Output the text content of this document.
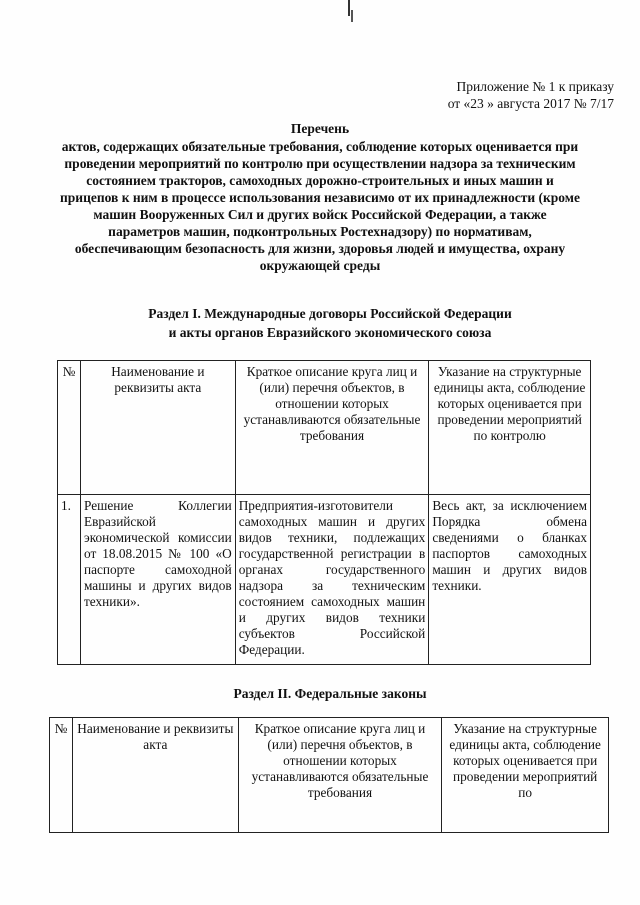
Приложение № 1 к приказу
от «23 » августа 2017 № 7/17
Перечень
актов, содержащих обязательные требования, соблюдение которых оценивается при проведении мероприятий по контролю при осуществлении надзора за техническим состоянием тракторов, самоходных дорожно-строительных и иных машин и прицепов к ним в процессе использования независимо от их принадлежности (кроме машин Вооруженных Сил и других войск Российской Федерации, а также параметров машин, подконтрольных Ростехнадзору) по нормативам, обеспечивающим безопасность для жизни, здоровья людей и имущества, охрану окружающей среды
Раздел I. Международные договоры Российской Федерации
и акты органов Евразийского экономического союза
№	Наименование и реквизиты акта	Краткое описание круга лиц и (или) перечня объектов, в отношении которых устанавливаются обязательные требования	Указание на структурные единицы акта, соблюдение которых оценивается при проведении мероприятий по контролю
1.	Решение Коллегии Евразийской экономической комиссии от 18.08.2015 № 100 «О паспорте самоходной машины и других видов техники».	Предприятия-изготовители самоходных машин и других видов техники, подлежащих государственной регистрации в органах государственного надзора за техническим состоянием самоходных машин и других видов техники субъектов Российской Федерации.	Весь акт, за исключением Порядка обмена сведениями о бланках паспортов самоходных машин и других видов техники.
Раздел II. Федеральные законы
№	Наименование и реквизиты акта	Краткое описание круга лиц и (или) перечня объектов, в отношении которых устанавливаются обязательные требования	Указание на структурные единицы акта, соблюдение которых оценивается при проведении мероприятий по
